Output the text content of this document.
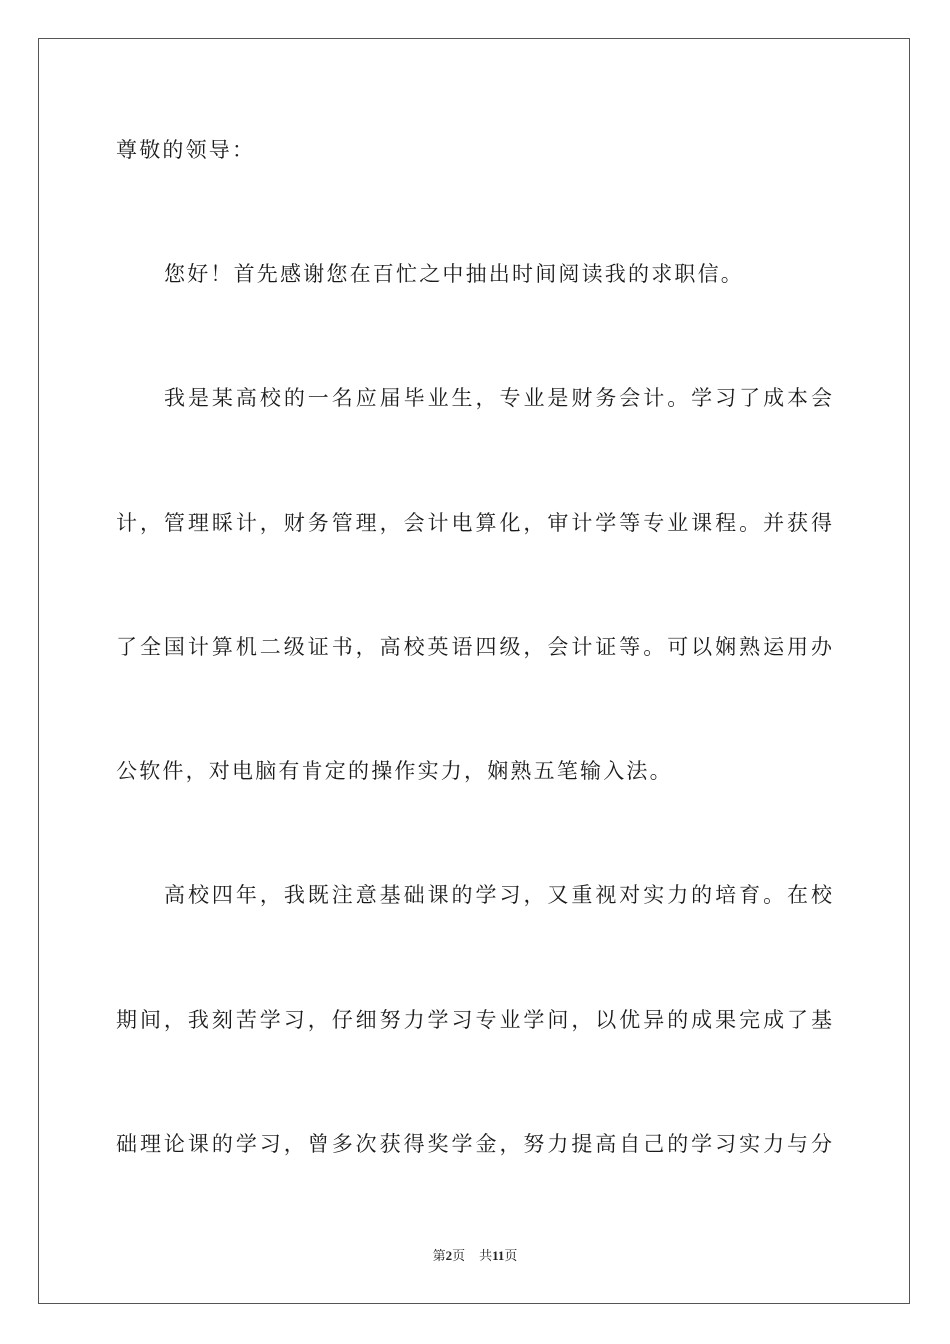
尊敬的领导：
您好！首先感谢您在百忙之中抽出时间阅读我的求职信。
我是某高校的一名应届毕业生，专业是财务会计。学习了成本会
计，管理睬计，财务管理，会计电算化，审计学等专业课程。并获得
了全国计算机二级证书，高校英语四级，会计证等。可以娴熟运用办
公软件，对电脑有肯定的操作实力，娴熟五笔输入法。
高校四年，我既注意基础课的学习，又重视对实力的培育。在校
期间，我刻苦学习，仔细努力学习专业学问，以优异的成果完成了基
础理论课的学习，曾多次获得奖学金，努力提高自己的学习实力与分
第2页 共11页
